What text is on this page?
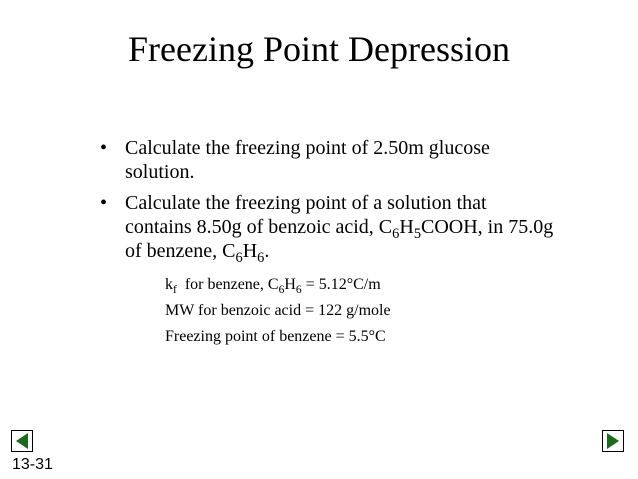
Freezing Point Depression
• Calculate the freezing point of 2.50m glucose
solution.
• Calculate the freezing point of a solution that
contains 8.50g of benzoic acid, $C_6H_5COOH$, in 75.0g
of benzene, $C_6H_6$.
$k_f$  for benzene, $C_6H_6 = 5.12^\circ C/m$
MW for benzoic acid = 122 g/mole
Freezing point of benzene = 5.5°C
13-31
